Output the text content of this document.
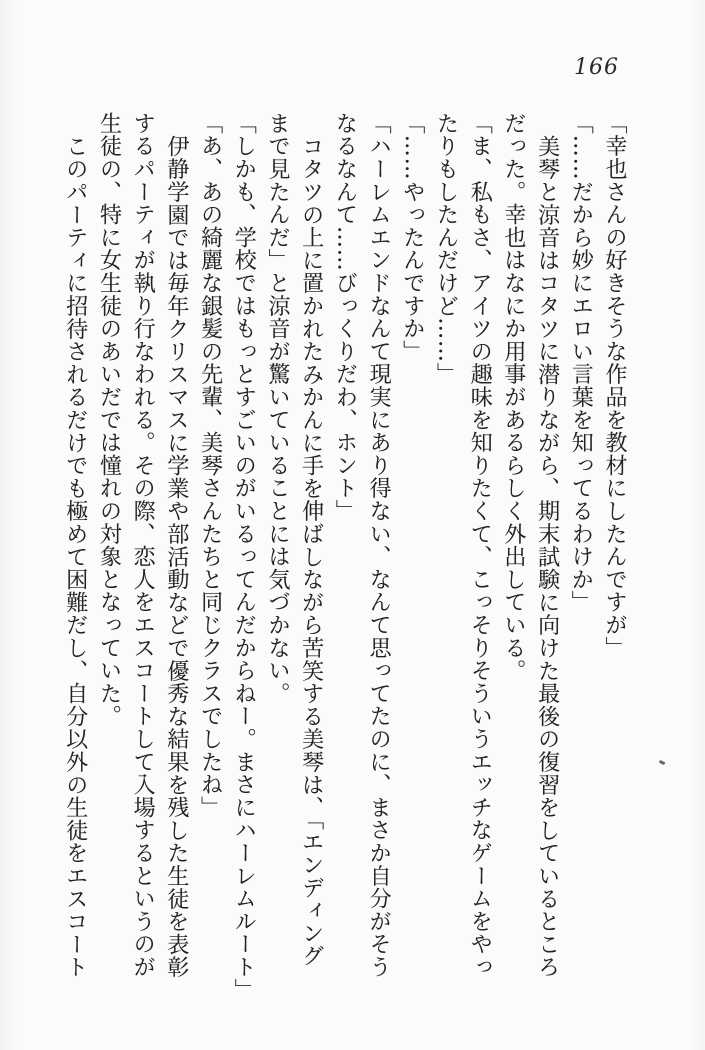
166
「幸也さんの好きそうな作品を教材にしたんですが」
「……だから妙にエロい言葉を知ってるわけか」
美琴と涼音はコタツに潜りながら、期末試験に向けた最後の復習をしているところ
だった。幸也はなにか用事があるらしく外出している。
「ま、私もさ、アイツの趣味を知りたくて、こっそりそういうエッチなゲームをやっ
たりもしたんだけど……」
「……やったんですか」
「ハーレムエンドなんて現実にあり得ない、なんて思ってたのに、まさか自分がそう
なるなんて……びっくりだわ、ホント」
コタツの上に置かれたみかんに手を伸ばしながら苦笑する美琴は、「エンディング
まで見たんだ」と涼音が驚いていることには気づかない。
「しかも、学校ではもっとすごいのがいるってんだからねー。まさにハーレムルート」
「あ、あの綺麗な銀髪の先輩、美琴さんたちと同じクラスでしたね」
伊静学園では毎年クリスマスに学業や部活動などで優秀な結果を残した生徒を表彰
するパーティが執り行なわれる。その際、恋人をエスコートして入場するというのが
生徒の、特に女生徒のあいだでは憧れの対象となっていた。
このパーティに招待されるだけでも極めて困難だし、自分以外の生徒をエスコート
